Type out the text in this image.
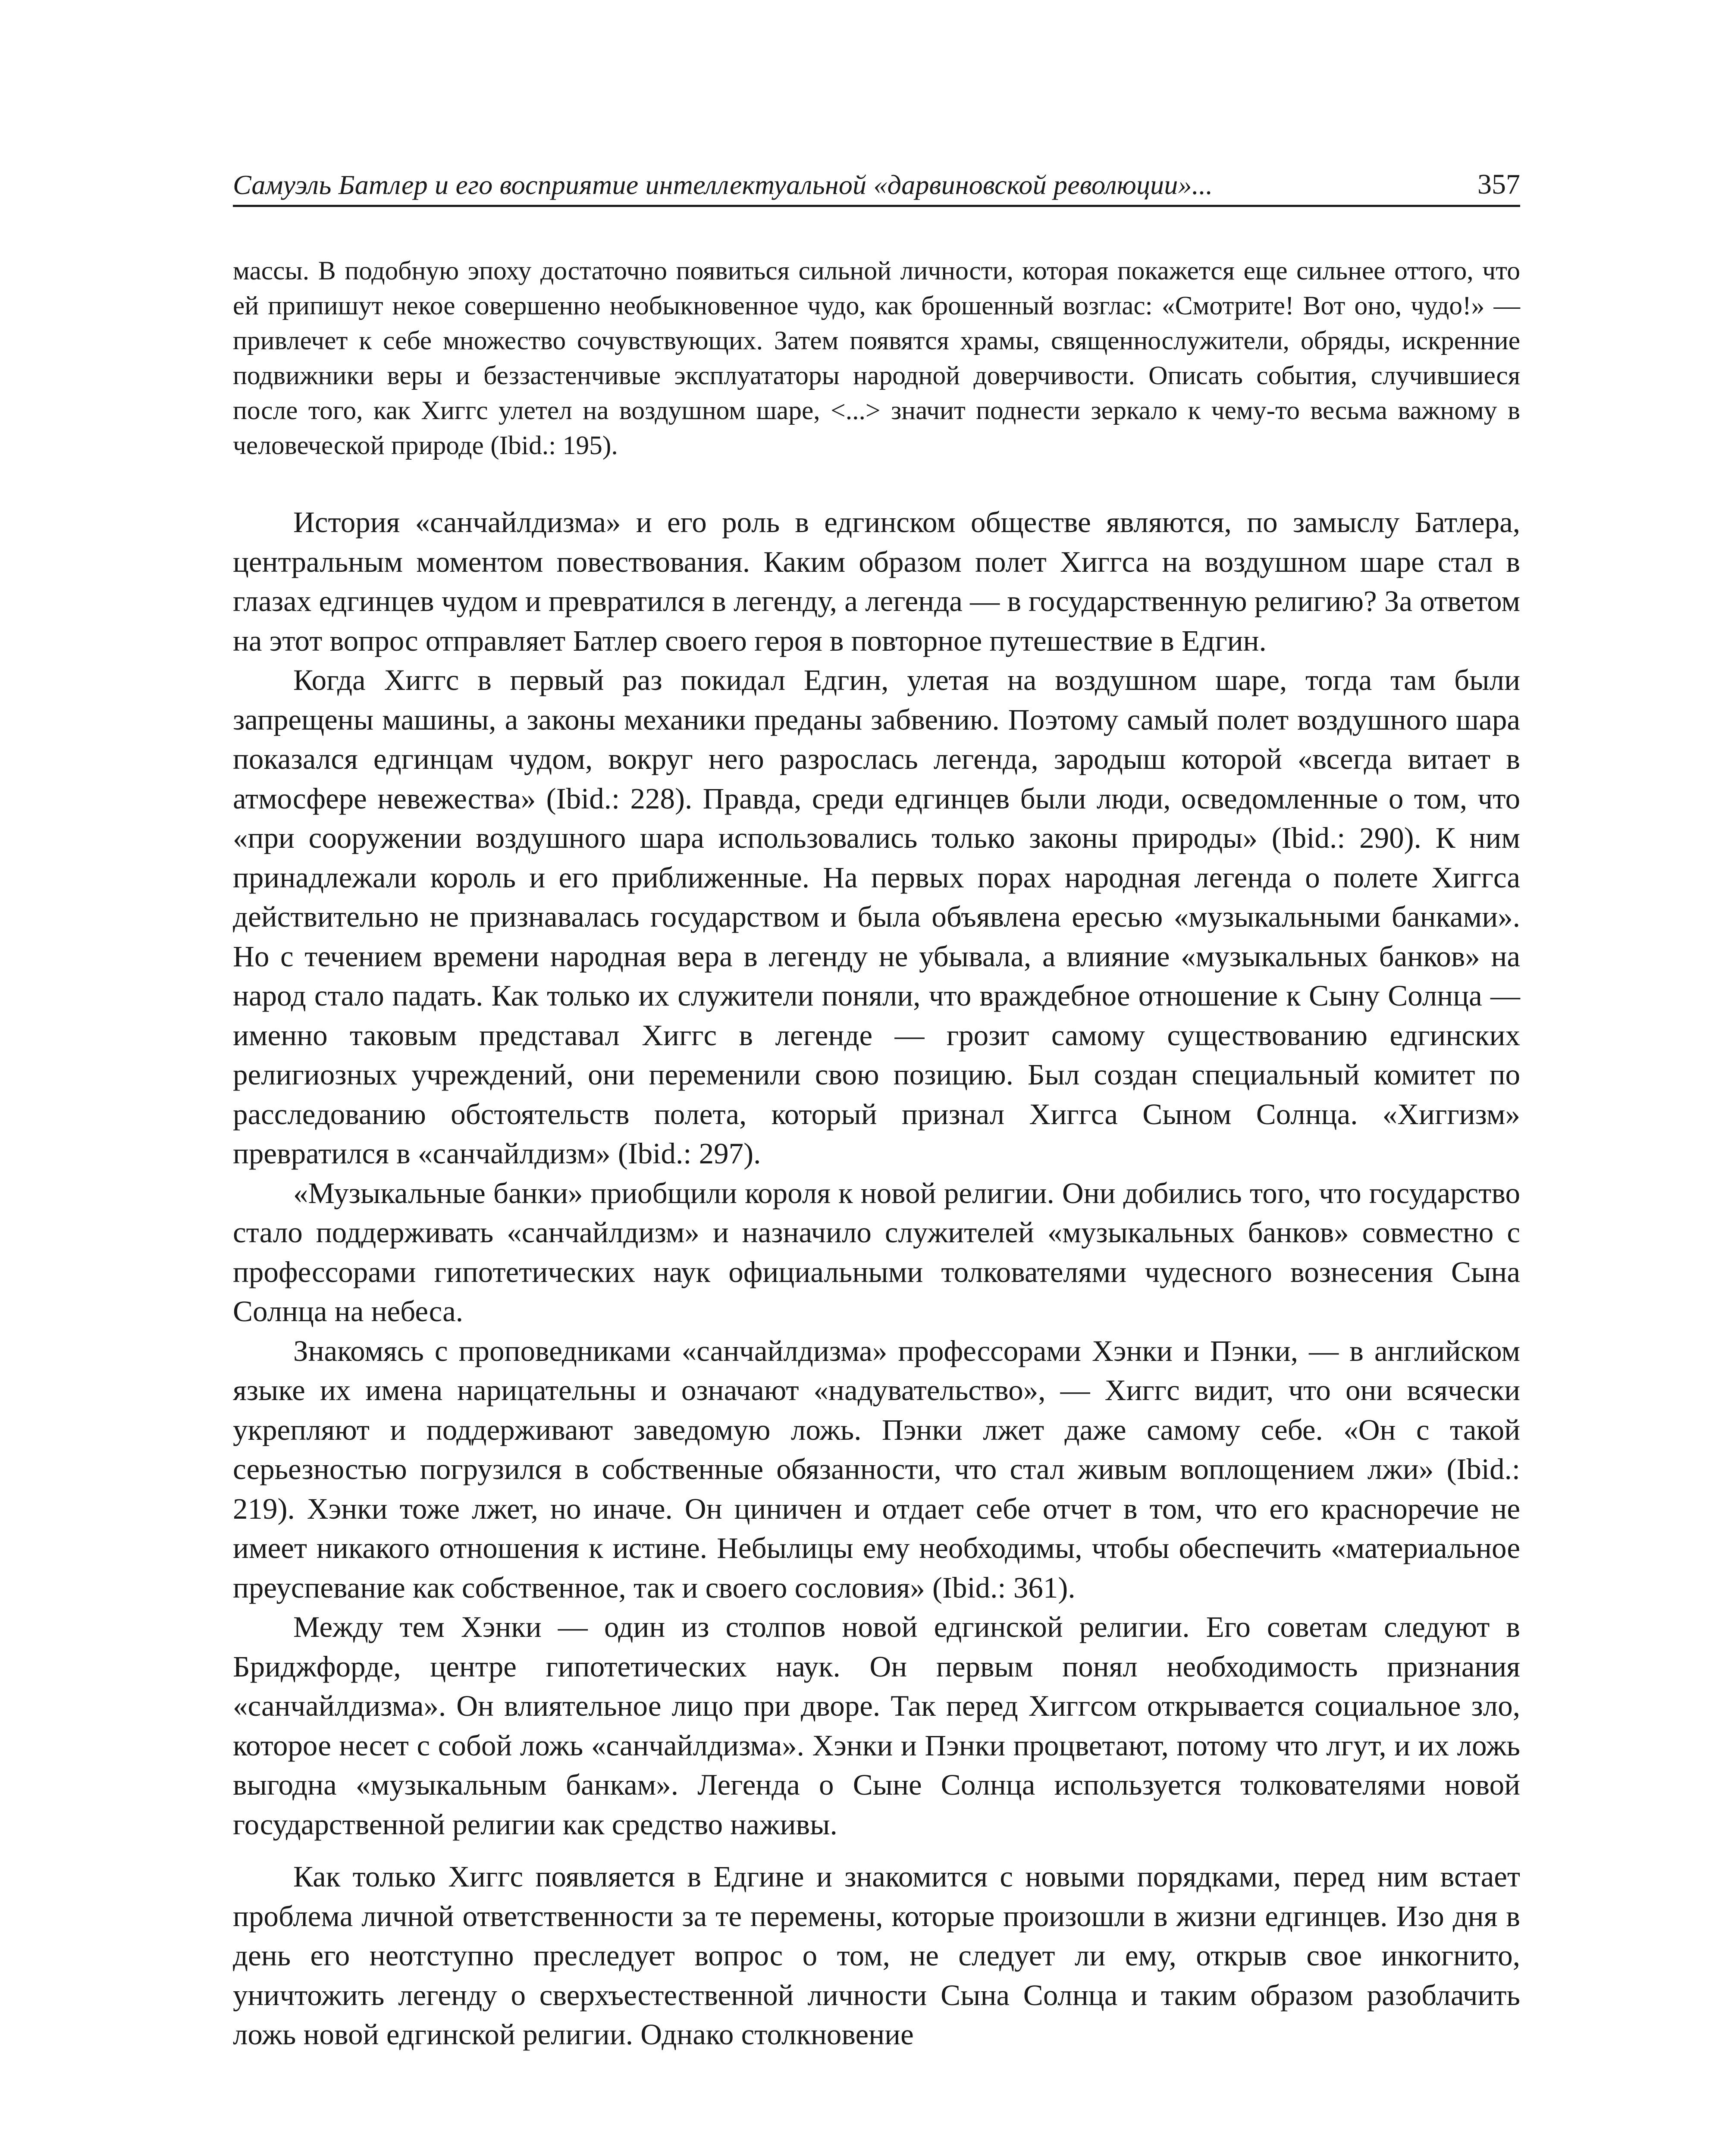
Самуэль Батлер и его восприятие интеллектуальной «дарвиновской революции»...	357

массы. В подобную эпоху достаточно появиться сильной личности, которая покажется еще сильнее оттого, что ей припишут некое совершенно необыкновенное чудо, как брошенный возглас: «Смотрите! Вот оно, чудо!» — привлечет к себе множество сочувствующих. Затем появятся храмы, священнослужители, обряды, искренние подвижники веры и беззастенчивые эксплуататоры народной доверчивости. Описать события, случившиеся после того, как Хиггс улетел на воздушном шаре, <...> значит поднести зеркало к чему-то весьма важному в человеческой природе (Ibid.: 195).

История «санчайлдизма» и его роль в едгинском обществе являются, по замыслу Батлера, центральным моментом повествования. Каким образом полет Хиггса на воздушном шаре стал в глазах едгинцев чудом и превратился в легенду, а легенда — в государственную религию? За ответом на этот вопрос отправляет Батлер своего героя в повторное путешествие в Едгин.

Когда Хиггс в первый раз покидал Едгин, улетая на воздушном шаре, тогда там были запрещены машины, а законы механики преданы забвению. Поэтому самый полет воздушного шара показался едгинцам чудом, вокруг него разрослась легенда, зародыш которой «всегда витает в атмосфере невежества» (Ibid.: 228). Правда, среди едгинцев были люди, осведомленные о том, что «при сооружении воздушного шара использовались только законы природы» (Ibid.: 290). К ним принадлежали король и его приближенные. На первых порах народная легенда о полете Хиггса действительно не признавалась государством и была объявлена ересью «музыкальными банками». Но с течением времени народная вера в легенду не убывала, а влияние «музыкальных банков» на народ стало падать. Как только их служители поняли, что враждебное отношение к Сыну Солнца — именно таковым представал Хиггс в легенде — грозит самому существованию едгинских религиозных учреждений, они переменили свою позицию. Был создан специальный комитет по расследованию обстоятельств полета, который признал Хиггса Сыном Солнца. «Хиггизм» превратился в «санчайлдизм» (Ibid.: 297).

«Музыкальные банки» приобщили короля к новой религии. Они добились того, что государство стало поддерживать «санчайлдизм» и назначило служителей «музыкальных банков» совместно с профессорами гипотетических наук официальными толкователями чудесного вознесения Сына Солнца на небеса.

Знакомясь с проповедниками «санчайлдизма» профессорами Хэнки и Пэнки, — в английском языке их имена нарицательны и означают «надувательство», — Хиггс видит, что они всячески укрепляют и поддерживают заведомую ложь. Пэнки лжет даже самому себе. «Он с такой серьезностью погрузился в собственные обязанности, что стал живым воплощением лжи» (Ibid.: 219). Хэнки тоже лжет, но иначе. Он циничен и отдает себе отчет в том, что его красноречие не имеет никакого отношения к истине. Небылицы ему необходимы, чтобы обеспечить «материальное преуспевание как собственное, так и своего сословия» (Ibid.: 361).

Между тем Хэнки — один из столпов новой едгинской религии. Его советам следуют в Бриджфорде, центре гипотетических наук. Он первым понял необходимость признания «санчайлдизма». Он влиятельное лицо при дворе. Так перед Хиггсом открывается социальное зло, которое несет с собой ложь «санчайлдизма». Хэнки и Пэнки процветают, потому что лгут, и их ложь выгодна «музыкальным банкам». Легенда о Сыне Солнца используется толкователями новой государственной религии как средство наживы.

Как только Хиггс появляется в Едгине и знакомится с новыми порядками, перед ним встает проблема личной ответственности за те перемены, которые произошли в жизни едгинцев. Изо дня в день его неотступно преследует вопрос о том, не следует ли ему, открыв свое инкогнито, уничтожить легенду о сверхъестественной личности Сына Солнца и таким образом разоблачить ложь новой едгинской религии. Однако столкновение
